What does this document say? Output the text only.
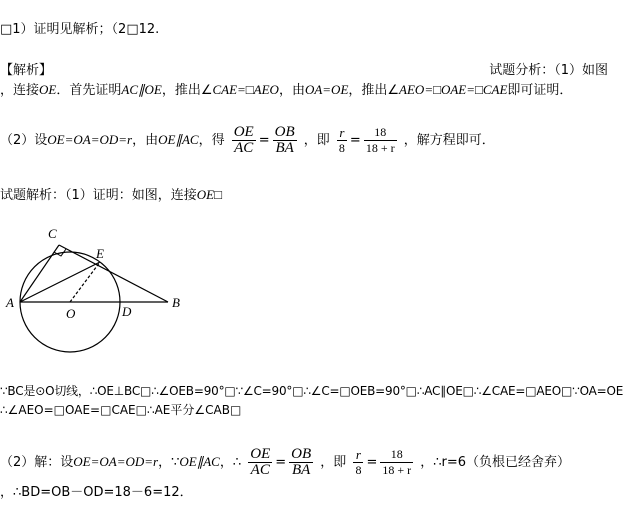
□1）证明见解析；（2□12.
【解析】	试题分析：（1）如图
，连接OE．首先证明AC∥OE，推出∠CAE=□AEO，由OA=OE，推出∠AEO=□OAE=□CAE即可证明．
（2）设OE=OA=OD=r，由OE∥AC，得 $\frac{OE}{AC} = \frac{OB}{BA}$ ，即 $\frac{r}{8} = \frac{18}{18 + r}$ ，解方程即可．
试题解析：（1）证明：如图，连接OE□
C
E
A
O	D
B
∵BC是⊙O切线，∴OE⊥BC□∴∠OEB=90°□∵∠C=90°□∴∠C=□OEB=90°□∴AC∥OE□∴∠CAE=□AEO□∵OA=OE
∴∠AEO=□OAE=□CAE□∴AE平分∠CAB□
（2）解：设OE=OA=OD=r，∵OE∥AC，∴ $\frac{OE}{AC} = \frac{OB}{BA}$ ，即 $\frac{r}{8} = \frac{18}{18 + r}$ ，∴r=6（负根已经舍弃）
，∴BD=OB－OD=18－6=12．
